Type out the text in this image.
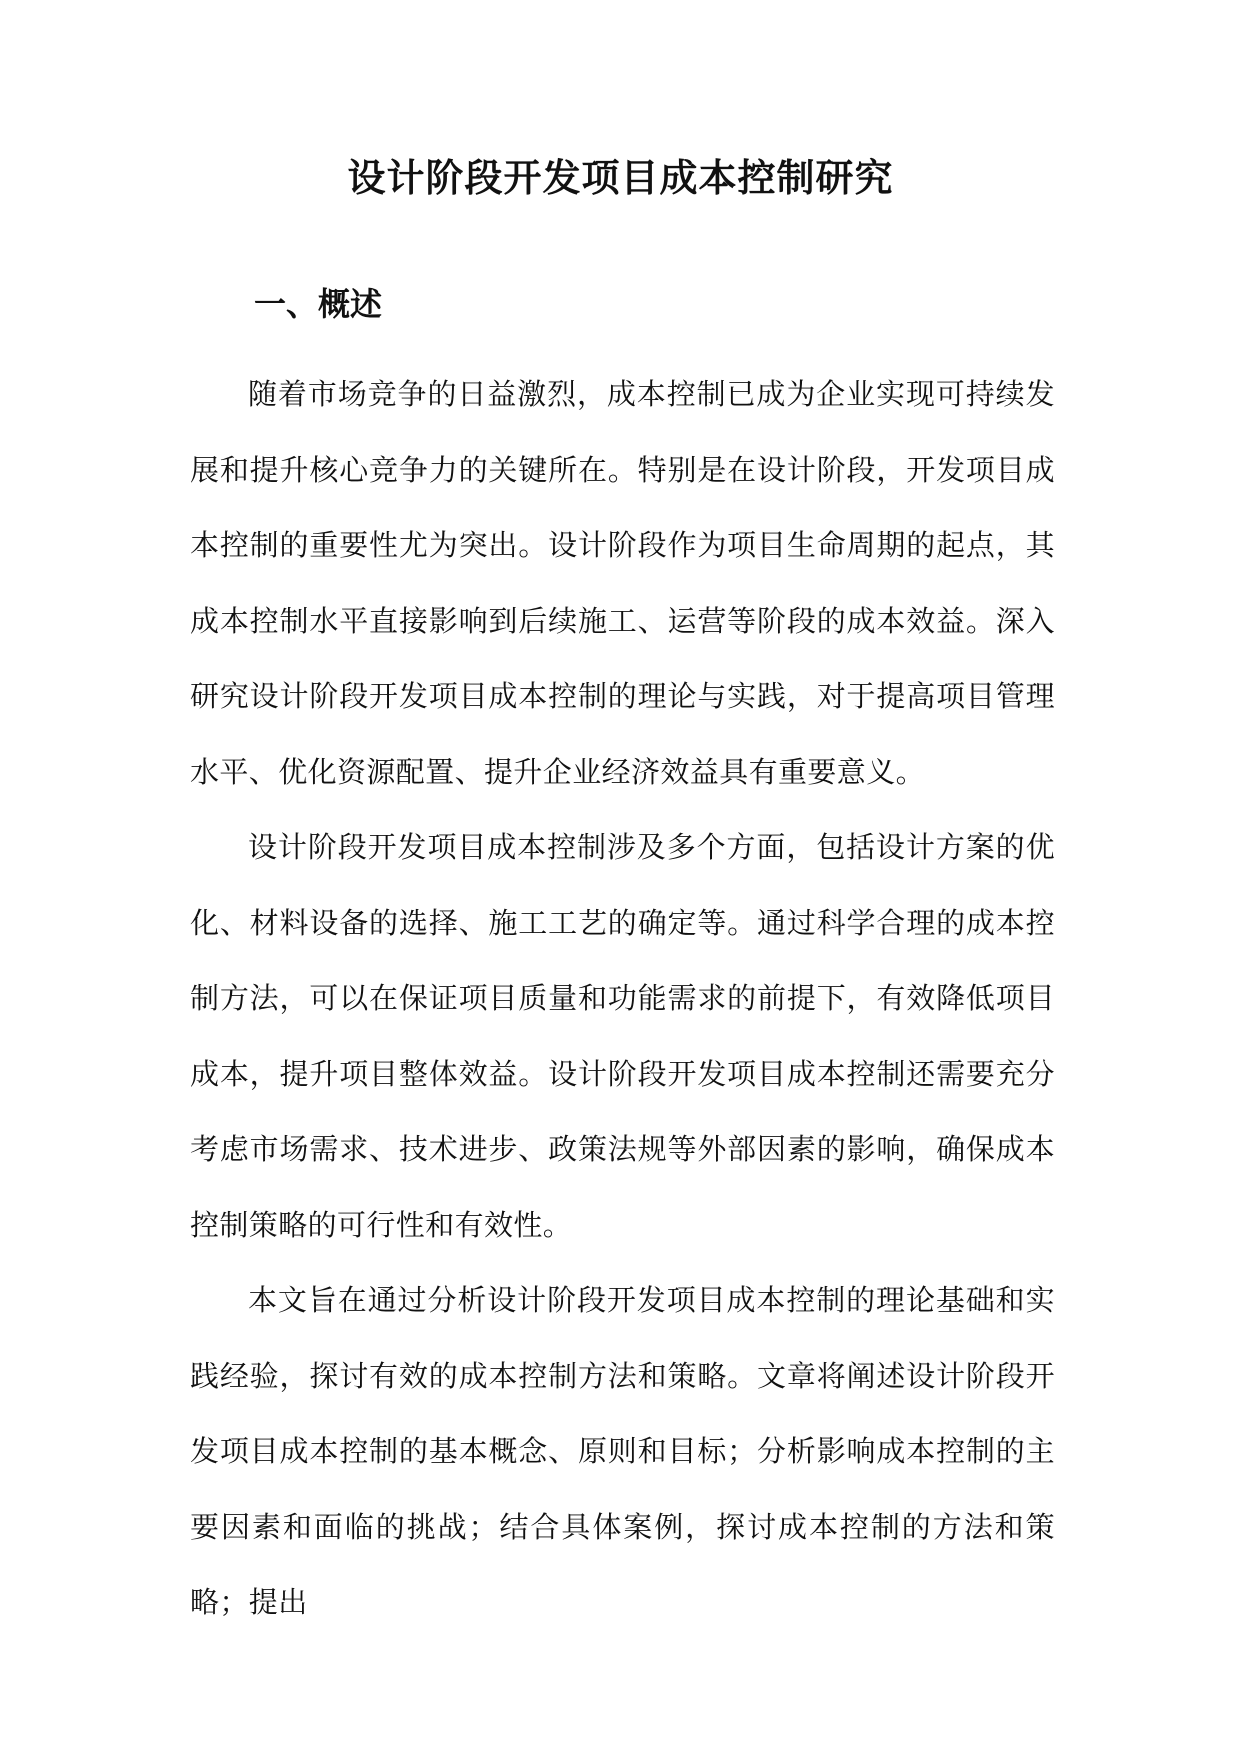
设计阶段开发项目成本控制研究
一、概述

随着市场竞争的日益激烈，成本控制已成为企业实现可持续发展和提升核心竞争力的关键所在。特别是在设计阶段，开发项目成本控制的重要性尤为突出。设计阶段作为项目生命周期的起点，其成本控制水平直接影响到后续施工、运营等阶段的成本效益。深入研究设计阶段开发项目成本控制的理论与实践，对于提高项目管理水平、优化资源配置、提升企业经济效益具有重要意义。

设计阶段开发项目成本控制涉及多个方面，包括设计方案的优化、材料设备的选择、施工工艺的确定等。通过科学合理的成本控制方法，可以在保证项目质量和功能需求的前提下，有效降低项目成本，提升项目整体效益。设计阶段开发项目成本控制还需要充分考虑市场需求、技术进步、政策法规等外部因素的影响，确保成本控制策略的可行性和有效性。

本文旨在通过分析设计阶段开发项目成本控制的理论基础和实践经验，探讨有效的成本控制方法和策略。文章将阐述设计阶段开发项目成本控制的基本概念、原则和目标；分析影响成本控制的主要因素和面临的挑战；结合具体案例，探讨成本控制的方法和策略；提出
